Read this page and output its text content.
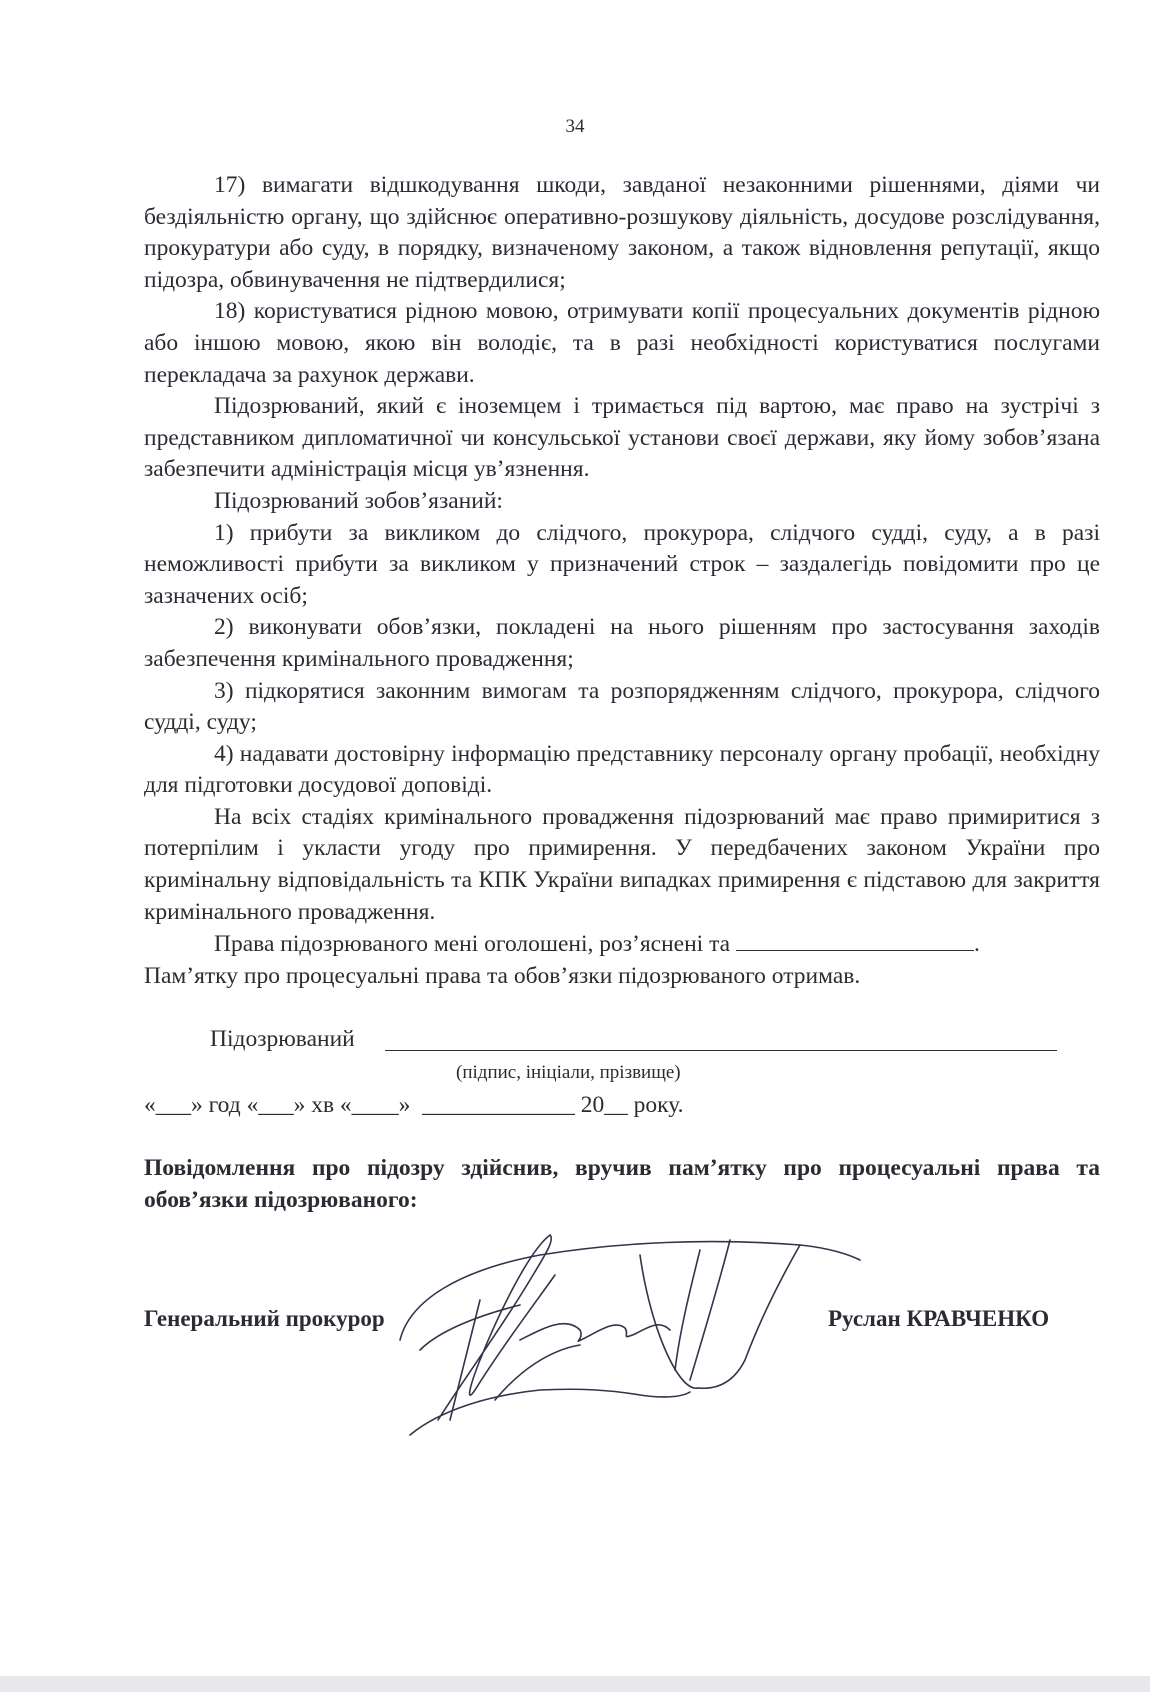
34

17) вимагати відшкодування шкоди, завданої незаконними рішеннями, діями чи бездіяльністю органу, що здійснює оперативно-розшукову діяльність, досудове розслідування, прокуратури або суду, в порядку, визначеному законом, а також відновлення репутації, якщо підозра, обвинувачення не підтвердилися;

18) користуватися рідною мовою, отримувати копії процесуальних документів рідною або іншою мовою, якою він володіє, та в разі необхідності користуватися послугами перекладача за рахунок держави.

Підозрюваний, який є іноземцем і тримається під вартою, має право на зустрічі з представником дипломатичної чи консульської установи своєї держави, яку йому зобов’язана забезпечити адміністрація місця ув’язнення.

Підозрюваний зобов’язаний:

1) прибути за викликом до слідчого, прокурора, слідчого судді, суду, а в разі неможливості прибути за викликом у призначений строк – заздалегідь повідомити про це зазначених осіб;

2) виконувати обов’язки, покладені на нього рішенням про застосування заходів забезпечення кримінального провадження;

3) підкорятися законним вимогам та розпорядженням слідчого, прокурора, слідчого судді, суду;

4) надавати достовірну інформацію представнику персоналу органу пробації, необхідну для підготовки досудової доповіді.

На всіх стадіях кримінального провадження підозрюваний має право примиритися з потерпілим і укласти угоду про примирення. У передбачених законом України про кримінальну відповідальність та КПК України випадках примирення є підставою для закриття кримінального провадження.

Права підозрюваного мені оголошені, роз’яснені та	.

Пам’ятку про процесуальні права та обов’язки підозрюваного отримав.

Підозрюваний
(підпис, ініціали, прізвище)
«___» год «___» хв «____»  _____________ 20__ року.
Повідомлення про підозру здійснив, вручив пам’ятку про процесуальні права та обов’язки підозрюваного:
Генеральний прокурор	Руслан КРАВЧЕНКО
